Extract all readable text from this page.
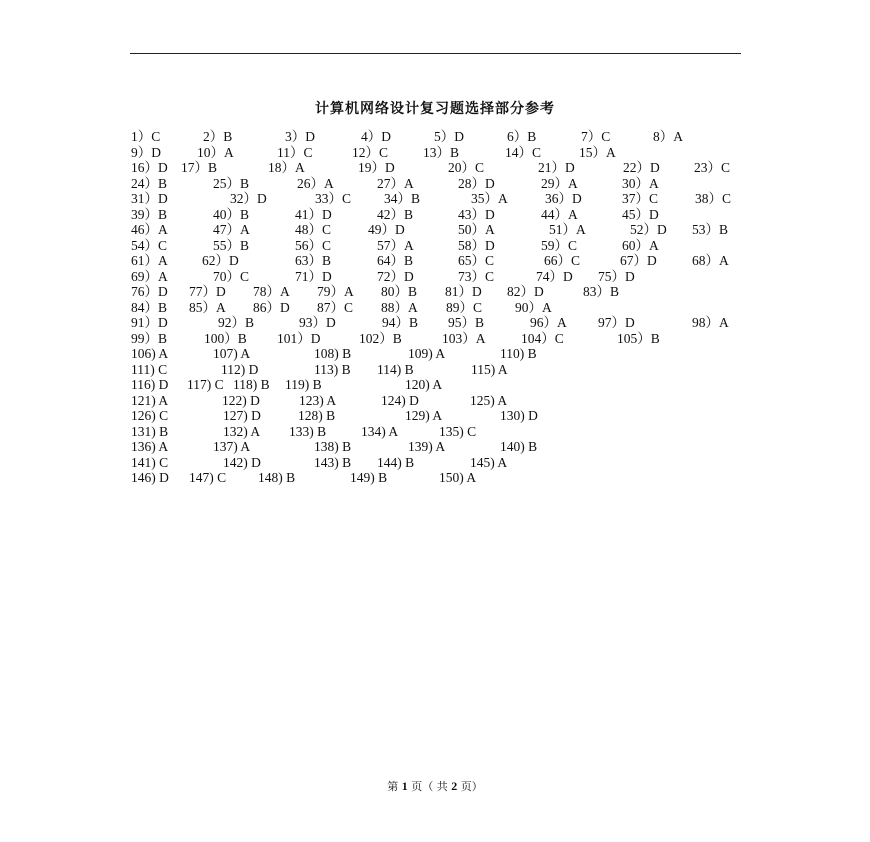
计算机网络设计复习题选择部分参考
1）C	2）B	3）D	4）D	5）D	6）B	7）C	8）A
9）D	10）A	11）C	12）C	13）B	14）C	15）A
16）D 17）B	18）A	19）D	20）C	21）D	22）D	23）C
24）B	25）B	26）A	27）A	28）D	29）A	30）A
31）D	32）D	33）C 34）B	35）A	36）D	37）C	38）C
39）B	40）B	41）D	42）B	43）D	44）A	45）D
46）A	47）A	48）C	49）D	50）A	51）A	52）D 53）B
54）C	55）B	56）C	57）A	58）D	59）C	60）A
61）A	62）D	63）B	64）B	65）C	66）C	67）D	68）A
69）A	70）C	71）D	72）D	73）C	74）D 75）D
76）D 77）D 78）A 79）A 80）B 81）D 82）D	83）B
84）B 85）A 86）D 87）C 88）A 89）C 90）A
91）D	92）B	93）D	94）B 95）B	96）A 97）D	98）A
99）B	100）B 101）D	102）B	103）A	104）C	105）B
106) A	107) A	108) B	109) A	110) B
111) C	112) D	113) B 114) B	115) A
116) D 117) C 118) B 119) B	120) A
121) A	122) D	123) A	124) D	125) A
126) C	127) D	128) B	129) A	130) D
131) B	132) A 133) B	134) A	135) C
136) A	137) A	138) B	139) A	140) B
141) C	142) D	143) B 144) B	145) A
146) D 147) C 148) B	149) B	150) A
第 1 页（ 共 2 页）
